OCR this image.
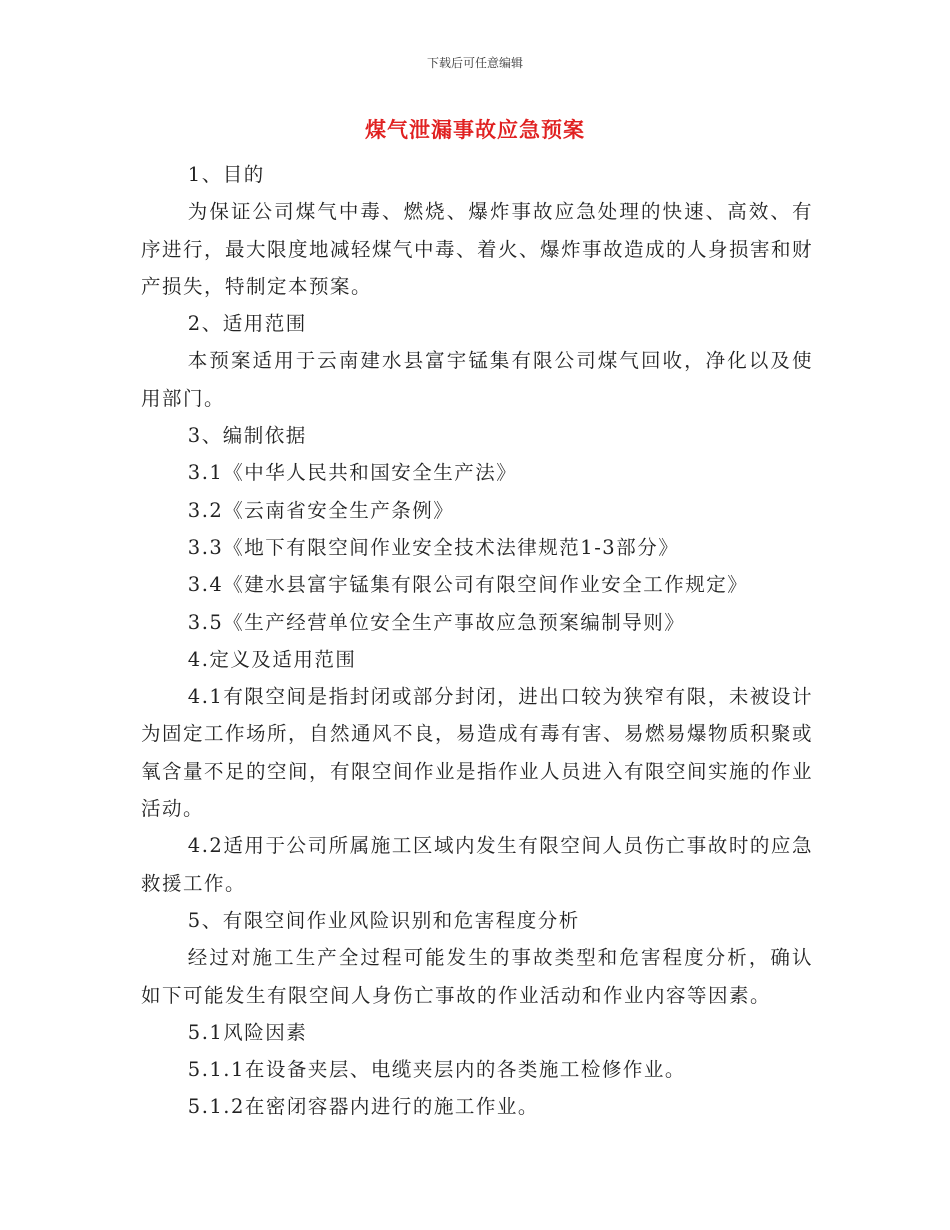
下载后可任意编辑
煤气泄漏事故应急预案

1、目的

为保证公司煤气中毒、燃烧、爆炸事故应急处理的快速、高效、有序进行，最大限度地减轻煤气中毒、着火、爆炸事故造成的人身损害和财产损失，特制定本预案。

2、适用范围

本预案适用于云南建水县富宇锰集有限公司煤气回收，净化以及使用部门。

3、编制依据

3.1《中华人民共和国安全生产法》

3.2《云南省安全生产条例》

3.3《地下有限空间作业安全技术法律规范1-3部分》

3.4《建水县富宇锰集有限公司有限空间作业安全工作规定》

3.5《生产经营单位安全生产事故应急预案编制导则》

4.定义及适用范围

4.1有限空间是指封闭或部分封闭，进出口较为狭窄有限，未被设计为固定工作场所，自然通风不良，易造成有毒有害、易燃易爆物质积聚或氧含量不足的空间，有限空间作业是指作业人员进入有限空间实施的作业活动。

4.2适用于公司所属施工区域内发生有限空间人员伤亡事故时的应急救援工作。

5、有限空间作业风险识别和危害程度分析

经过对施工生产全过程可能发生的事故类型和危害程度分析，确认如下可能发生有限空间人身伤亡事故的作业活动和作业内容等因素。

5.1风险因素

5.1.1在设备夹层、电缆夹层内的各类施工检修作业。

5.1.2在密闭容器内进行的施工作业。
